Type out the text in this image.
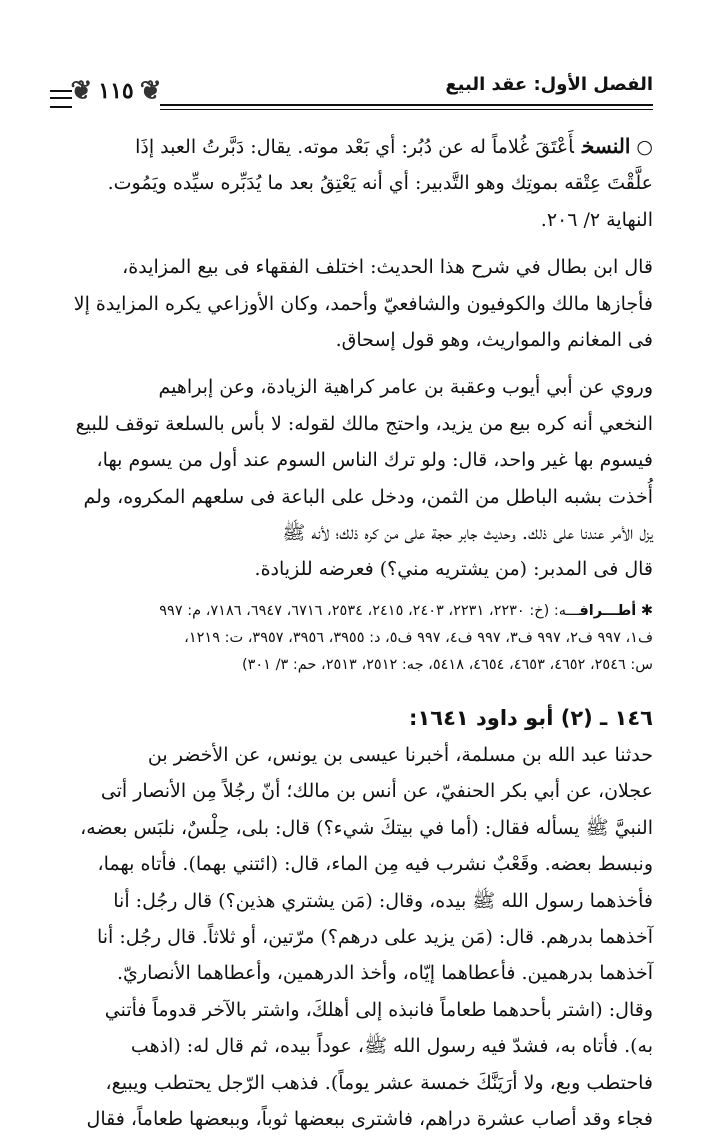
❦ ١١٥ ❦	الفصل الأول: عقد البيع

○النسخأَعْتَقَ غُلاماً له عن دُبُر: أي بَعْد موته. يقال: دَبَّرتُ العبد إذَا

علَّقْتَ عِتْقه بموتِك وهو التَّدبير: أي أنه يَعْتِقُ بعد ما يُدَبِّره سيِّده ويَمُوت.

النهاية ٢/ ٢٠٦.

قال ابن بطال في شرح هذا الحديث: اختلف الفقهاء فى بيع المزايدة،

فأجازها مالك والكوفيون والشافعيّ وأحمد، وكان الأوزاعي يكره المزايدة إلا

فى المغانم والمواريث، وهو قول إسحاق.

وروي عن أبي أيوب وعقبة بن عامر كراهية الزيادة، وعن إبراهيم

النخعي أنه كره بيع من يزيد، واحتج مالك لقوله: لا بأس بالسلعة توقف للبيع

فيسوم بها غير واحد، قال: ولو ترك الناس السوم عند أول من يسوم بها،

أُخذت بشبه الباطل من الثمن، ودخل على الباعة فى سلعهم المكروه، ولم

يزل الأمر عندنا على ذلك. وحديث جابر حجة على من كره ذلك؛ لأنه ﷺ

قال فى المدبر: (من يشتريه مني؟) فعرضه للزيادة.

✱ أطـــرافـــه: (خ: ٢٢٣٠، ٢٢٣١، ٢٤٠٣، ٢٤١٥، ٢٥٣٤، ٦٧١٦، ٦٩٤٧، ٧١٨٦، م: ٩٩٧
ف١، ٩٩٧ ف٢، ٩٩٧ ف٣، ٩٩٧ ف٤، ٩٩٧ ف٥، د: ٣٩٥٥، ٣٩٥٦، ٣٩٥٧، ت: ١٢١٩،
س: ٢٥٤٦، ٤٦٥٢، ٤٦٥٣، ٤٦٥٤، ٥٤١٨، جه: ٢٥١٢، ٢٥١٣، حم: ٣/ ٣٠١)
١٤٦ ـ (٢) أبو داود ١٦٤١:

حدثنا عبد الله بن مسلمة، أخبرنا عيسى بن يونس، عن الأخضر بن

عجلان، عن أبي بكر الحنفيّ، عن أنس بن مالك؛ أنّ رجُلاً مِن الأنصار أتى

النبيَّ ﷺ يسأله فقال: (أما في بيتكَ شيء؟) قال: بلى، حِلْسٌ، نلبَس بعضه،

ونبسط بعضه. وقَعْبٌ نشرب فيه مِن الماء، قال: (ائتني بهما). فأتاه بهما،

فأخذهما رسول الله ﷺ بيده، وقال: (مَن يشتري هذين؟) قال رجُل: أنا

آخذهما بدرهم. قال: (مَن يزيد على درهم؟) مرّتين، أو ثلاثاً. قال رجُل: أنا

آخذهما بدرهمين. فأعطاهما إيّاه، وأخذ الدرهمين، وأعطاهما الأنصاريّ.

وقال: (اشتر بأحدهما طعاماً فانبذه إلى أهلكَ، واشتر بالآخر قدوماً فأتني

به). فأتاه به، فشدّ فيه رسول الله ﷺ، عوداً بيده، ثم قال له: (اذهب

فاحتطب وبع، ولا أرَيَنَّكَ خمسة عشر يوماً). فذهب الرّجل يحتطب ويبيع،

فجاء وقد أصاب عشرة دراهم، فاشترى ببعضها ثوباً، وببعضها طعاماً، فقال
